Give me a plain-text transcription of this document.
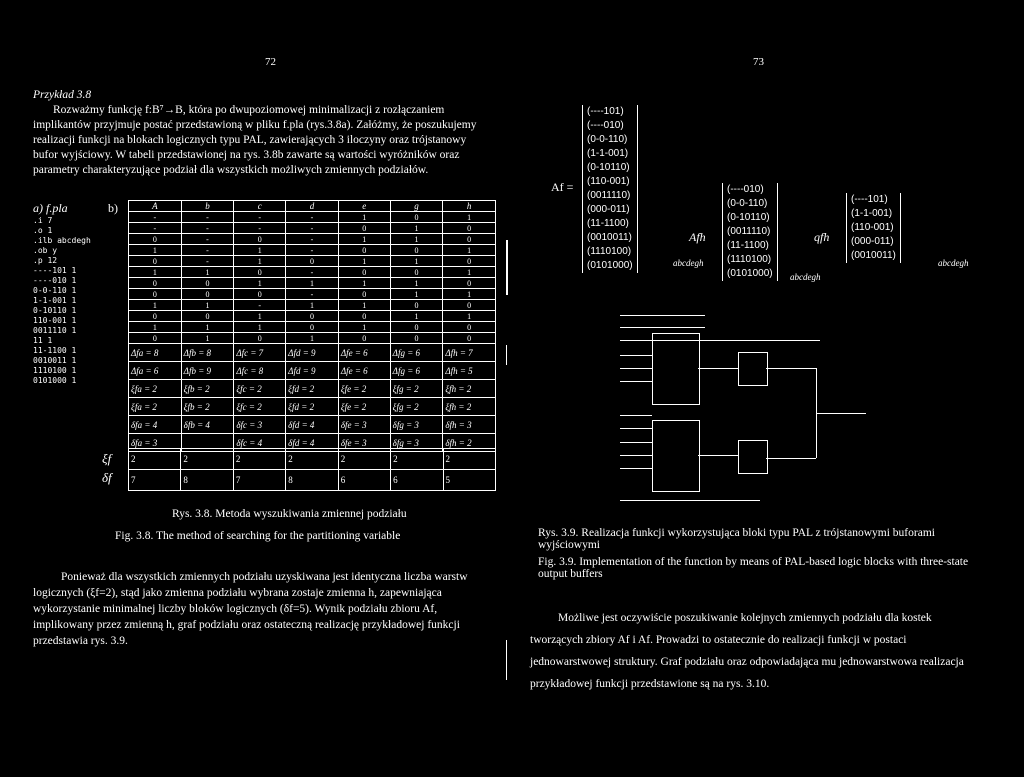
72	73
Przykład 3.8
Rozważmy funkcję f:B⁷→B, która po dwupoziomowej minimalizacji z rozłączaniem
implikantów przyjmuje postać przedstawioną w pliku f.pla (rys.3.8a). Załóżmy, że poszukujemy
realizacji funkcji na blokach logicznych typu PAL, zawierających 3 iloczyny oraz trójstanowy
bufor wyjściowy. W tabeli przedstawionej na rys. 3.8b zawarte są wartości wyróżników oraz
parametry charakteryzujące podział dla wszystkich możliwych zmiennych podziałów.
a) f.pla
.i 7
.o 1
.ilb abcdegh
.ob y
.p 12
----101 1
----010 1
0-0-110 1
1-1-001 1
0-10110 1
110-001 1
0011110 1
11 1
11-1100 1
0010011 1
1110100 1
0101000 1
b)	A	b	c	d	e	g	h
-	-	-	-	1	0	1
-	-	-	-	0	1	0
0	-	0	-	1	1	0
1	-	1	-	0	0	1
0	-	1	0	1	1	0
1	1	0	-	0	0	1
0	0	1	1	1	1	0
0	0	0	-	0	1	1
1	1	-	1	1	0	0
0	0	1	0	0	1	1
1	1	1	0	1	0	0
0	1	0	1	0	0	0
Δfa = 8	Δfb = 8	Δfc = 7	Δfd = 9	Δfe = 6	Δfg = 6	Δfh = 7
Δfa = 6	Δfb = 9	Δfc = 8	Δfd = 9	Δfe = 6	Δfg = 6	Δfh = 5
ξfa = 2	ξfb = 2	ξfc = 2	ξfd = 2	ξfe = 2	ξfg = 2	ξfh = 2
ξfa = 2	ξfb = 2	ξfc = 2	ξfd = 2	ξfe = 2	ξfg = 2	ξfh = 2
δfa = 4	δfb = 4	δfc = 3	δfd = 4	δfe = 3	δfg = 3	δfh = 3
δfa = 3		δfc = 4	δfd = 4	δfe = 3	δfg = 3	δfh = 2
2	2	2	2	2	2	2
7	8	7	8	6	6	5
ξf
δf
Rys. 3.8. Metoda wyszukiwania zmiennej podziału
Fig. 3.8. The method of searching for the partitioning variable
Ponieważ dla wszystkich zmiennych podziału uzyskiwana jest identyczna liczba warstw
logicznych (ξf=2), stąd jako zmienna podziału wybrana zostaje zmienna h, zapewniająca
wykorzystanie minimalnej liczby bloków logicznych (δf=5). Wynik podziału zbioru Af,
implikowany przez zmienną h, graf podziału oraz ostateczną realizację przykładowej funkcji
przedstawia rys. 3.9.
Af =
(----101)
(----010)
(0-0-110)
(1-1-001)
(0-10110)
(110-001)
(0011110)
(000-011)
(11-1100)
(0010011)
(1110100)
(0101000)	abcdegh
Afh
(----010)
(0-0-110)
(0-10110)
(0011110)
(11-1100)
(1110100)
(0101000) abcdegh
qfh
(----101)
(1-1-001)
(110-001)
(000-011)
(0010011)
abcdegh
Rys. 3.9. Realizacja funkcji wykorzystująca bloki typu PAL z trójstanowymi buforami wyjściowymi
Fig. 3.9. Implementation of the function by means of PAL-based logic blocks with three-state output buffers
Możliwe jest oczywiście poszukiwanie kolejnych zmiennych podziału dla kostek
tworzących zbiory Af i Af. Prowadzi to ostatecznie do realizacji funkcji w postaci
jednowarstwowej struktury. Graf podziału oraz odpowiadająca mu jednowarstwowa realizacja
przykładowej funkcji przedstawione są na rys. 3.10.
